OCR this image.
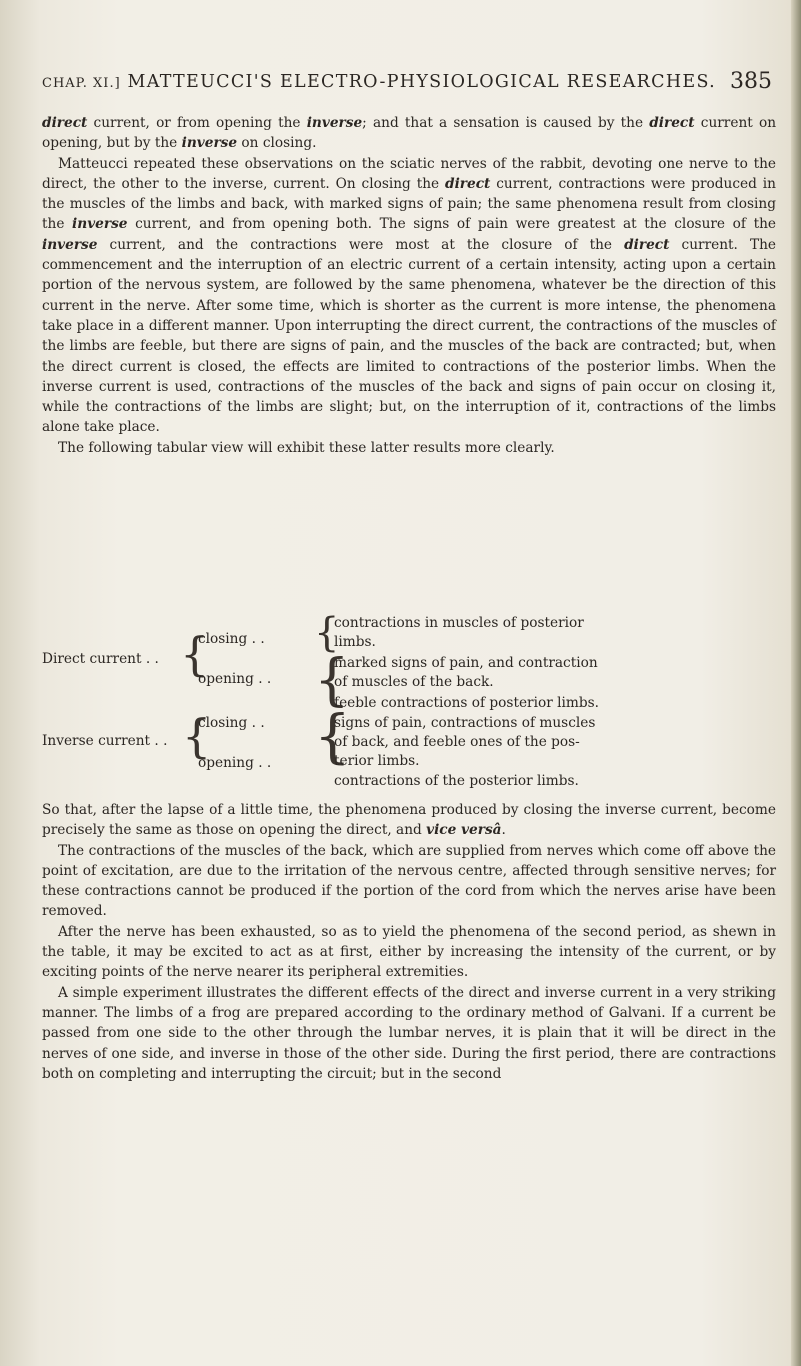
CHAP. XI.] MATTEUCCI'S ELECTRO-PHYSIOLOGICAL RESEARCHES. 385

direct current, or from opening the inverse; and that a sensation is caused by the direct current on opening, but by the inverse on closing.

Matteucci repeated these observations on the sciatic nerves of the rabbit, devoting one nerve to the direct, the other to the inverse, current. On closing the direct current, contractions were produced in the muscles of the limbs and back, with marked signs of pain; the same phenomena result from closing the inverse current, and from opening both. The signs of pain were greatest at the closure of the inverse current, and the contractions were most at the closure of the direct current. The commencement and the interruption of an electric current of a certain intensity, acting upon a certain portion of the nervous system, are followed by the same phenomena, whatever be the direction of this current in the nerve. After some time, which is shorter as the current is more intense, the phenomena take place in a different manner. Upon interrupting the direct current, the contractions of the muscles of the limbs are feeble, but there are signs of pain, and the muscles of the back are contracted; but, when the direct current is closed, the effects are limited to contractions of the posterior limbs. When the inverse current is used, contractions of the muscles of the back and signs of pain occur on closing it, while the contractions of the limbs are slight; but, on the interruption of it, contractions of the limbs alone take place.

The following tabular view will exhibit these latter results more clearly.

Direct current . .
Inverse current . .
{
{
closing . .
opening . .
closing . .
opening . .
{
{
{
contractions in muscles of posterior
limbs.
marked signs of pain, and contraction
of muscles of the back.
feeble contractions of posterior limbs.
signs of pain, contractions of muscles
of back, and feeble ones of the pos-
terior limbs.
contractions of the posterior limbs.

So that, after the lapse of a little time, the phenomena produced by closing the inverse current, become precisely the same as those on opening the direct, and vice versâ.

The contractions of the muscles of the back, which are supplied from nerves which come off above the point of excitation, are due to the irritation of the nervous centre, affected through sensitive nerves; for these contractions cannot be produced if the portion of the cord from which the nerves arise have been removed.

After the nerve has been exhausted, so as to yield the phenomena of the second period, as shewn in the table, it may be excited to act as at first, either by increasing the intensity of the current, or by exciting points of the nerve nearer its peripheral extremities.

A simple experiment illustrates the different effects of the direct and inverse current in a very striking manner. The limbs of a frog are prepared according to the ordinary method of Galvani. If a current be passed from one side to the other through the lumbar nerves, it is plain that it will be direct in the nerves of one side, and inverse in those of the other side. During the first period, there are contractions both on completing and interrupting the circuit; but in the second
